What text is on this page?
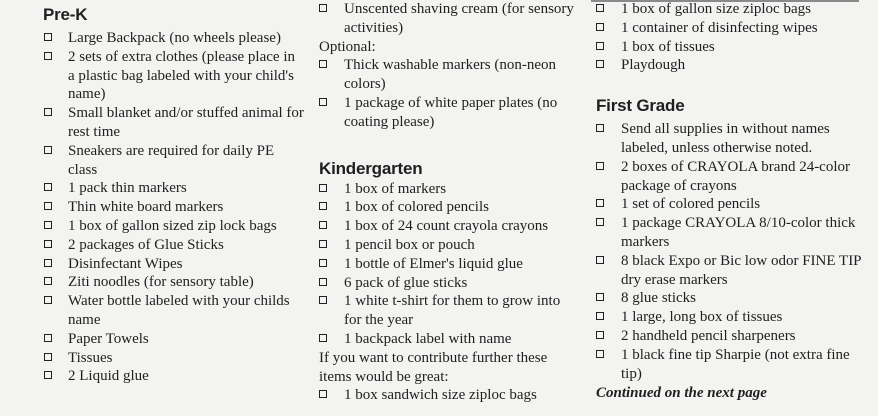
Pre-K
Large Backpack (no wheels please)
2 sets of extra clothes (please place in a plastic bag labeled with your child's name)
Small blanket and/or stuffed animal for rest time
Sneakers are required for daily PE class
1 pack thin markers
Thin white board markers
1 box of gallon sized zip lock bags
2 packages of Glue Sticks
Disinfectant Wipes
Ziti noodles (for sensory table)
Water bottle labeled with your childs name
Paper Towels
Tissues
2 Liquid glue
Unscented shaving cream (for sensory activities)
Optional:
Thick washable markers (non-neon colors)
1 package of white paper plates (no coating please)
Kindergarten
1 box of markers
1 box of colored pencils
1 box of 24 count crayola crayons
1 pencil box or pouch
1 bottle of Elmer's liquid glue
6 pack of glue sticks
1 white t-shirt for them to grow into for the year
1 backpack label with name
If you want to contribute further these items would be great:
1 box sandwich size ziploc bags
1 box of gallon size ziploc bags
1 container of disinfecting wipes
1 box of tissues
Playdough
First Grade
Send all supplies in without names labeled, unless otherwise noted.
2 boxes of CRAYOLA brand 24-color package of crayons
1 set of colored pencils
1 package CRAYOLA 8/10-color thick markers
8 black Expo or Bic low odor FINE TIP dry erase markers
8 glue sticks
1 large, long box of tissues
2 handheld pencil sharpeners
1 black fine tip Sharpie (not extra fine tip)
Continued on the next page
